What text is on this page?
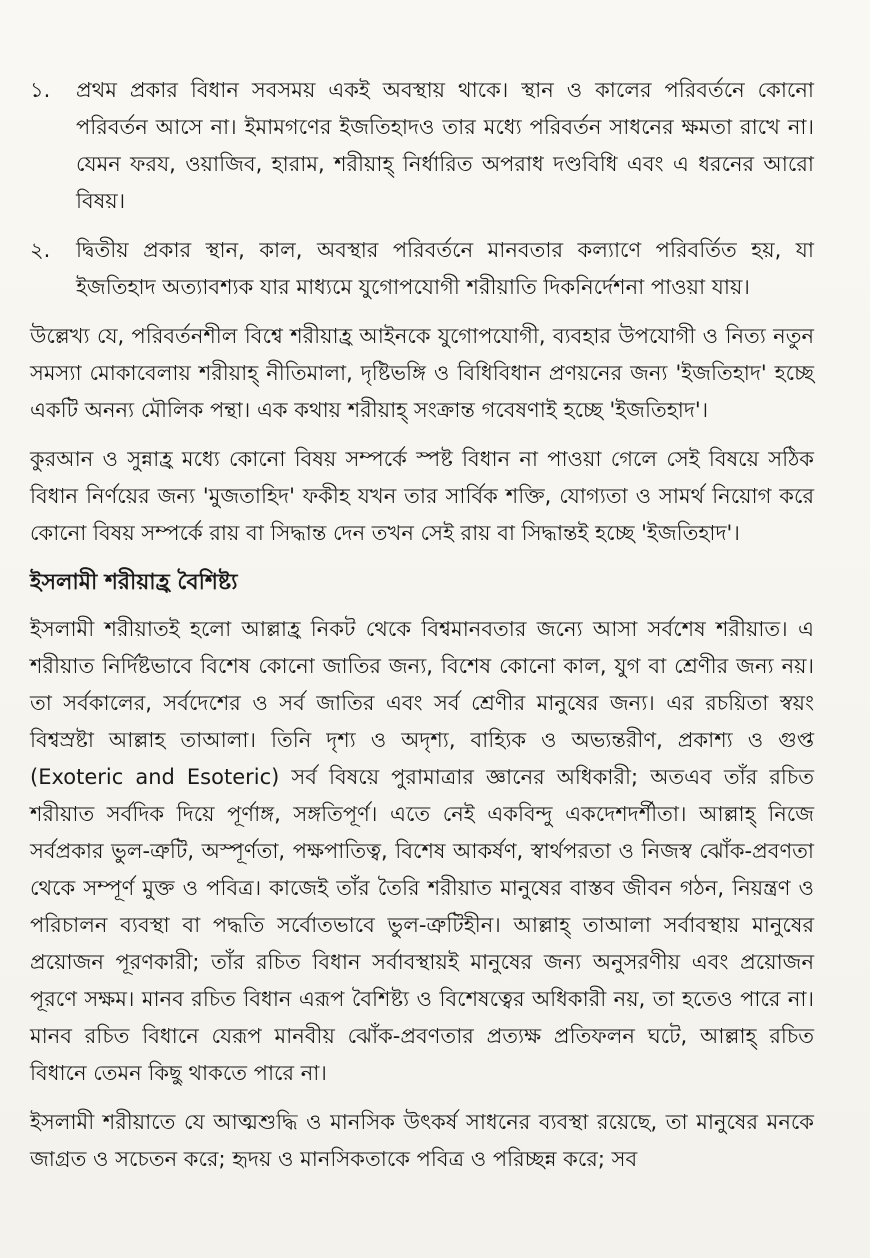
১.	প্রথম প্রকার বিধান সবসময় একই অবস্থায় থাকে। স্থান ও কালের পরিবর্তনে কোনো পরিবর্তন আসে না। ইমামগণের ইজতিহাদও তার মধ্যে পরিবর্তন সাধনের ক্ষমতা রাখে না। যেমন ফরয, ওয়াজিব, হারাম, শরীয়াহ্ নির্ধারিত অপরাধ দণ্ডবিধি এবং এ ধরনের আরো বিষয়।
২.	দ্বিতীয় প্রকার স্থান, কাল, অবস্থার পরিবর্তনে মানবতার কল্যাণে পরিবর্তিত হয়, যা ইজতিহাদ অত্যাবশ্যক যার মাধ্যমে যুগোপযোগী শরীয়াতি দিকনির্দেশনা পাওয়া যায়।

উল্লেখ্য যে, পরিবর্তনশীল বিশ্বে শরীয়াহ্র আইনকে যুগোপযোগী, ব্যবহার উপযোগী ও নিত্য নতুন সমস্যা মোকাবেলায় শরীয়াহ্ নীতিমালা, দৃষ্টিভঙ্গি ও বিধিবিধান প্রণয়নের জন্য 'ইজতিহাদ' হচ্ছে একটি অনন্য মৌলিক পন্থা। এক কথায় শরীয়াহ্ সংক্রান্ত গবেষণাই হচ্ছে 'ইজতিহাদ'।

কুরআন ও সুন্নাহ্র মধ্যে কোনো বিষয় সম্পর্কে স্পষ্ট বিধান না পাওয়া গেলে সেই বিষয়ে সঠিক বিধান নির্ণয়ের জন্য 'মুজতাহিদ' ফকীহ যখন তার সার্বিক শক্তি, যোগ্যতা ও সামর্থ নিয়োগ করে কোনো বিষয় সম্পর্কে রায় বা সিদ্ধান্ত দেন তখন সেই রায় বা সিদ্ধান্তই হচ্ছে 'ইজতিহাদ'।

ইসলামী শরীয়াহ্র বৈশিষ্ট্য

ইসলামী শরীয়াতই হলো আল্লাহ্র নিকট থেকে বিশ্বমানবতার জন্যে আসা সর্বশেষ শরীয়াত। এ শরীয়াত নির্দিষ্টভাবে বিশেষ কোনো জাতির জন্য, বিশেষ কোনো কাল, যুগ বা শ্রেণীর জন্য নয়। তা সর্বকালের, সর্বদেশের ও সর্ব জাতির এবং সর্ব শ্রেণীর মানুষের জন্য। এর রচয়িতা স্বয়ং বিশ্বস্রষ্টা আল্লাহ তাআলা। তিনি দৃশ্য ও অদৃশ্য, বাহ্যিক ও অভ্যন্তরীণ, প্রকাশ্য ও গুপ্ত (Exoteric and Esoteric) সর্ব বিষয়ে পুরামাত্রার জ্ঞানের অধিকারী; অতএব তাঁর রচিত শরীয়াত সর্বদিক দিয়ে পূর্ণাঙ্গ, সঙ্গতিপূর্ণ। এতে নেই একবিন্দু একদেশদর্শীতা। আল্লাহ্ নিজে সর্বপ্রকার ভুল-ত্রুটি, অস্পূর্ণতা, পক্ষপাতিত্ব, বিশেষ আকর্ষণ, স্বার্থপরতা ও নিজস্ব ঝোঁক-প্রবণতা থেকে সম্পূর্ণ মুক্ত ও পবিত্র। কাজেই তাঁর তৈরি শরীয়াত মানুষের বাস্তব জীবন গঠন, নিয়ন্ত্রণ ও পরিচালন ব্যবস্থা বা পদ্ধতি সর্বোতভাবে ভুল-ত্রুটিহীন। আল্লাহ্ তাআলা সর্বাবস্থায় মানুষের প্রয়োজন পূরণকারী; তাঁর রচিত বিধান সর্বাবস্থায়ই মানুষের জন্য অনুসরণীয় এবং প্রয়োজন পূরণে সক্ষম। মানব রচিত বিধান এরূপ বৈশিষ্ট্য ও বিশেষত্বের অধিকারী নয়, তা হতেও পারে না। মানব রচিত বিধানে যেরূপ মানবীয় ঝোঁক-প্রবণতার প্রত্যক্ষ প্রতিফলন ঘটে, আল্লাহ্ রচিত বিধানে তেমন কিছু থাকতে পারে না।

ইসলামী শরীয়াতে যে আত্মশুদ্ধি ও মানসিক উৎকর্ষ সাধনের ব্যবস্থা রয়েছে, তা মানুষের মনকে জাগ্রত ও সচেতন করে; হৃদয় ও মানসিকতাকে পবিত্র ও পরিচ্ছন্ন করে; সব
